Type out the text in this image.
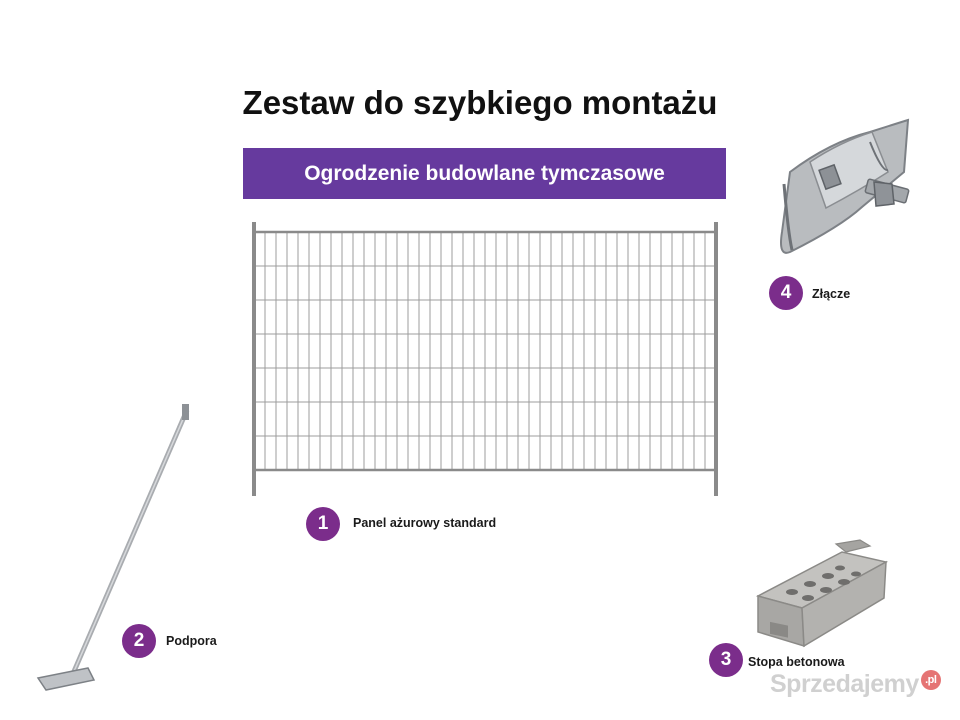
Zestaw do szybkiego montażu
Ogrodzenie budowlane tymczasowe
1	Panel ażurowy standard
2	Podpora
3	Stopa betonowa
4	Złącze
Sprzedajemy .pl
